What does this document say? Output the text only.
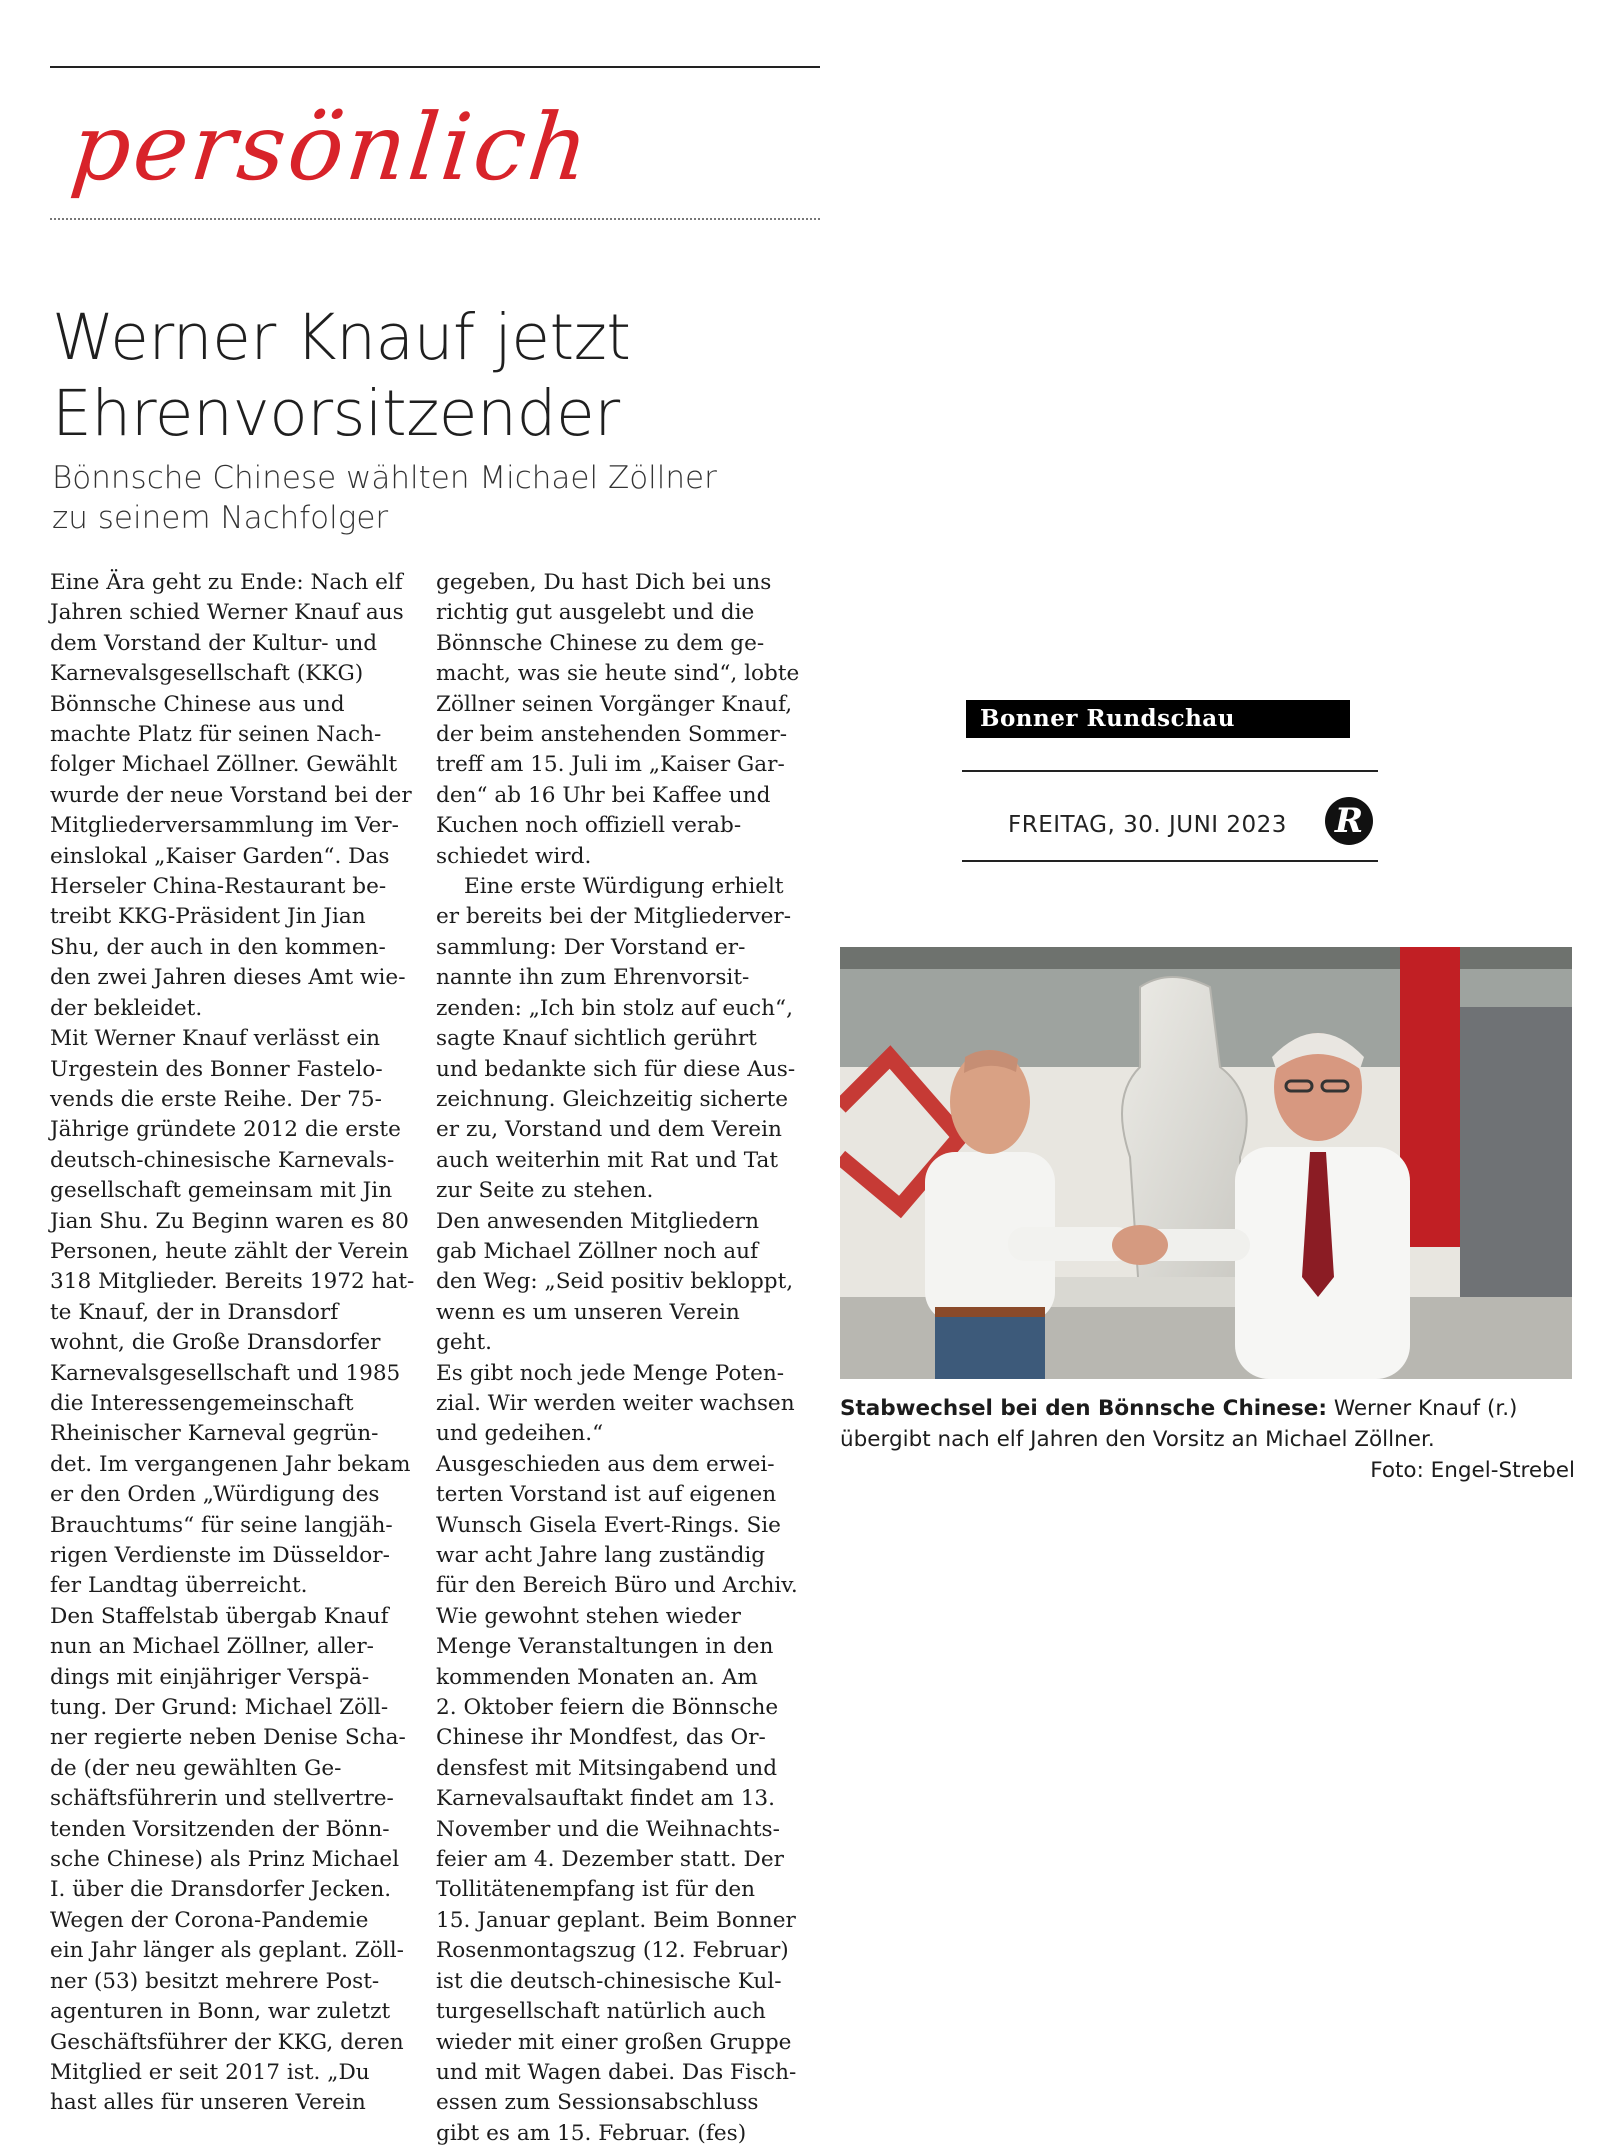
persönlich
Werner Knauf jetzt Ehrenvorsitzender
Bönnsche Chinese wählten Michael Zöllner zu seinem Nachfolger
Eine Ära geht zu Ende: Nach elf
Jahren schied Werner Knauf aus
dem Vorstand der Kultur- und
Karnevalsgesellschaft (KKG)
Bönnsche Chinese aus und
machte Platz für seinen Nach-
folger Michael Zöllner. Gewählt
wurde der neue Vorstand bei der
Mitgliederversammlung im Ver-
einslokal „Kaiser Garden“. Das
Herseler China-Restaurant be-
treibt KKG-Präsident Jin Jian
Shu, der auch in den kommen-
den zwei Jahren dieses Amt wie-
der bekleidet.
Mit Werner Knauf verlässt ein
Urgestein des Bonner Fastelo-
vends die erste Reihe. Der 75-
Jährige gründete 2012 die erste
deutsch-chinesische Karnevals-
gesellschaft gemeinsam mit Jin
Jian Shu. Zu Beginn waren es 80
Personen, heute zählt der Verein
318 Mitglieder. Bereits 1972 hat-
te Knauf, der in Dransdorf
wohnt, die Große Dransdorfer
Karnevalsgesellschaft und 1985
die Interessengemeinschaft
Rheinischer Karneval gegrün-
det. Im vergangenen Jahr bekam
er den Orden „Würdigung des
Brauchtums“ für seine langjäh-
rigen Verdienste im Düsseldor-
fer Landtag überreicht.
Den Staffelstab übergab Knauf
nun an Michael Zöllner, aller-
dings mit einjähriger Verspä-
tung. Der Grund: Michael Zöll-
ner regierte neben Denise Scha-
de (der neu gewählten Ge-
schäftsführerin und stellvertre-
tenden Vorsitzenden der Bönn-
sche Chinese) als Prinz Michael
I. über die Dransdorfer Jecken.
Wegen der Corona-Pandemie
ein Jahr länger als geplant. Zöll-
ner (53) besitzt mehrere Post-
agenturen in Bonn, war zuletzt
Geschäftsführer der KKG, deren
Mitglied er seit 2017 ist. „Du
hast alles für unseren Verein
gegeben, Du hast Dich bei uns
richtig gut ausgelebt und die
Bönnsche Chinese zu dem ge-
macht, was sie heute sind“, lobte
Zöllner seinen Vorgänger Knauf,
der beim anstehenden Sommer-
treff am 15. Juli im „Kaiser Gar-
den“ ab 16 Uhr bei Kaffee und
Kuchen noch offiziell verab-
schiedet wird.
Eine erste Würdigung erhielt
er bereits bei der Mitgliederver-
sammlung: Der Vorstand er-
nannte ihn zum Ehrenvorsit-
zenden: „Ich bin stolz auf euch“,
sagte Knauf sichtlich gerührt
und bedankte sich für diese Aus-
zeichnung. Gleichzeitig sicherte
er zu, Vorstand und dem Verein
auch weiterhin mit Rat und Tat
zur Seite zu stehen.
Den anwesenden Mitgliedern
gab Michael Zöllner noch auf
den Weg: „Seid positiv bekloppt,
wenn es um unseren Verein geht.
Es gibt noch jede Menge Poten-
zial. Wir werden weiter wachsen
und gedeihen.“
Ausgeschieden aus dem erwei-
terten Vorstand ist auf eigenen
Wunsch Gisela Evert-Rings. Sie
war acht Jahre lang zuständig
für den Bereich Büro und Archiv.
Wie gewohnt stehen wieder
Menge Veranstaltungen in den
kommenden Monaten an. Am
2. Oktober feiern die Bönnsche
Chinese ihr Mondfest, das Or-
densfest mit Mitsingabend und
Karnevalsauftakt findet am 13.
November und die Weihnachts-
feier am 4. Dezember statt. Der
Tollitätenempfang ist für den
15. Januar geplant. Beim Bonner
Rosenmontagszug (12. Februar)
ist die deutsch-chinesische Kul-
turgesellschaft natürlich auch
wieder mit einer großen Gruppe
und mit Wagen dabei. Das Fisch-
essen zum Sessionsabschluss
gibt es am 15. Februar. (fes)
Bonner Rundschau
FREITAG, 30. JUNI 2023	R
Stabwechsel bei den Bönnsche Chinese: Werner Knauf (r.) übergibt nach elf Jahren den Vorsitz an Michael Zöllner.
Foto: Engel-Strebel
